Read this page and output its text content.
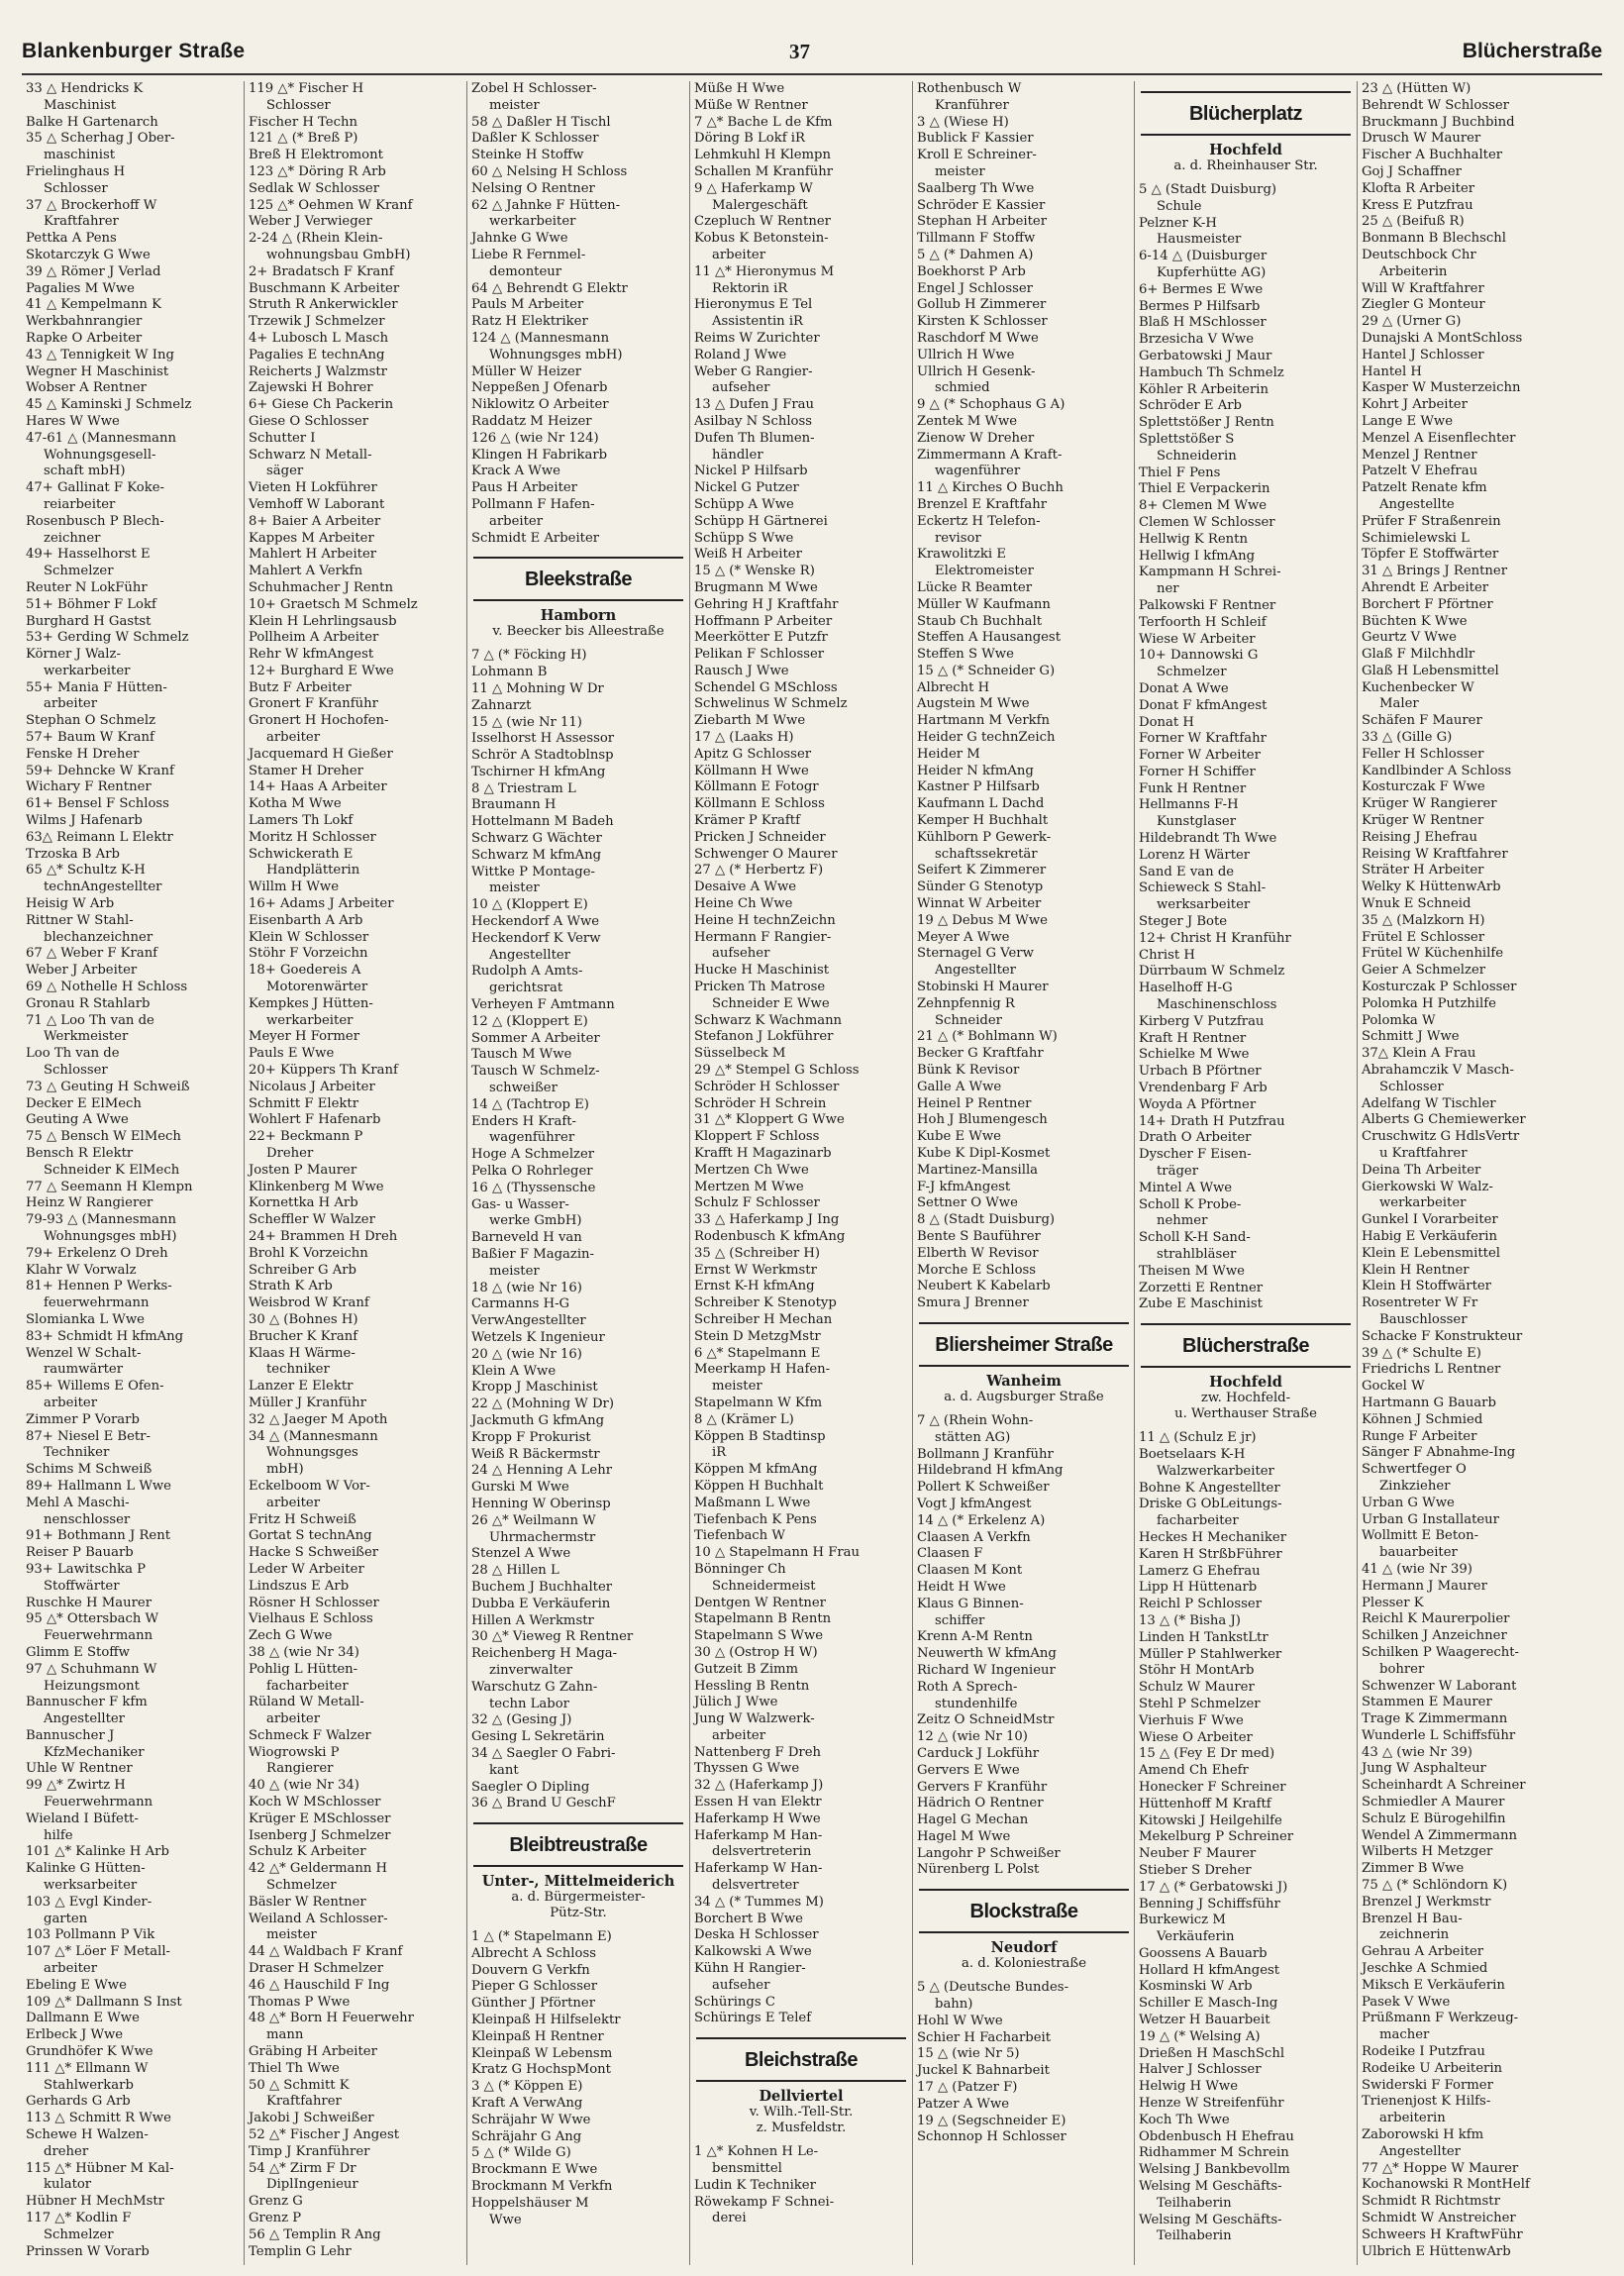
Blankenburger Straße	37	Blücherstraße
33 △ Hendricks K
Maschinist
Balke H Gartenarch
35 △ Scherhag J Ober-
maschinist
Frielinghaus H
Schlosser
37 △ Brockerhoff W
Kraftfahrer
Pettka A Pens
Skotarczyk G Wwe
39 △ Römer J Verlad
Pagalies M Wwe
41 △ Kempelmann K
Werkbahnrangier
Rapke O Arbeiter
43 △ Tennigkeit W Ing
Wegner H Maschinist
Wobser A Rentner
45 △ Kaminski J Schmelz
Hares W Wwe
47-61 △ (Mannesmann
Wohnungsgesell-
schaft mbH)
47+ Gallinat F Koke-
reiarbeiter
Rosenbusch P Blech-
zeichner
49+ Hasselhorst E
Schmelzer
Reuter N LokFühr
51+ Böhmer F Lokf
Burghard H Gastst
53+ Gerding W Schmelz
Körner J Walz-
werkarbeiter
55+ Mania F Hütten-
arbeiter
Stephan O Schmelz
57+ Baum W Kranf
Fenske H Dreher
59+ Dehncke W Kranf
Wichary F Rentner
61+ Bensel F Schloss
Wilms J Hafenarb
63△ Reimann L Elektr
Trzoska B Arb
65 △* Schultz K-H
technAngestellter
Heisig W Arb
Rittner W Stahl-
blechanzeichner
67 △ Weber F Kranf
Weber J Arbeiter
69 △ Nothelle H Schloss
Gronau R Stahlarb
71 △ Loo Th van de
Werkmeister
Loo Th van de
Schlosser
73 △ Geuting H Schweiß
Decker E ElMech
Geuting A Wwe
75 △ Bensch W ElMech
Bensch R Elektr
Schneider K ElMech
77 △ Seemann H Klempn
Heinz W Rangierer
79-93 △ (Mannesmann
Wohnungsges mbH)
79+ Erkelenz O Dreh
Klahr W Vorwalz
81+ Hennen P Werks-
feuerwehrmann
Slomianka L Wwe
83+ Schmidt H kfmAng
Wenzel W Schalt-
raumwärter
85+ Willems E Ofen-
arbeiter
Zimmer P Vorarb
87+ Niesel E Betr-
Techniker
Schims M Schweiß
89+ Hallmann L Wwe
Mehl A Maschi-
nenschlosser
91+ Bothmann J Rent
Reiser P Bauarb
93+ Lawitschka P
Stoffwärter
Ruschke H Maurer
95 △* Ottersbach W
Feuerwehrmann
Glimm E Stoffw
97 △ Schuhmann W
Heizungsmont
Bannuscher F kfm
Angestellter
Bannuscher J
KfzMechaniker
Uhle W Rentner
99 △* Zwirtz H
Feuerwehrmann
Wieland I Büfett-
hilfe
101 △* Kalinke H Arb
Kalinke G Hütten-
werksarbeiter
103 △ Evgl Kinder-
garten
103 Pollmann P Vik
107 △* Löer F Metall-
arbeiter
Ebeling E Wwe
109 △* Dallmann S Inst
Dallmann E Wwe
Erlbeck J Wwe
Grundhöfer K Wwe
111 △* Ellmann W
Stahlwerkarb
Gerhards G Arb
113 △ Schmitt R Wwe
Schewe H Walzen-
dreher
115 △* Hübner M Kal-
kulator
Hübner H MechMstr
117 △* Kodlin F
Schmelzer
Prinssen W Vorarb
119 △* Fischer H
Schlosser
Fischer H Techn
121 △ (* Breß P)
Breß H Elektromont
123 △* Döring R Arb
Sedlak W Schlosser
125 △* Oehmen W Kranf
Weber J Verwieger
2-24 △ (Rhein Klein-
wohnungsbau GmbH)
2+ Bradatsch F Kranf
Buschmann K Arbeiter
Struth R Ankerwickler
Trzewik J Schmelzer
4+ Lubosch L Masch
Pagalies E technAng
Reicherts J Walzmstr
Zajewski H Bohrer
6+ Giese Ch Packerin
Giese O Schlosser
Schutter I
Schwarz N Metall-
säger
Vieten H Lokführer
Vemhoff W Laborant
8+ Baier A Arbeiter
Kappes M Arbeiter
Mahlert H Arbeiter
Mahlert A Verkfn
Schuhmacher J Rentn
10+ Graetsch M Schmelz
Klein H Lehrlingsausb
Pollheim A Arbeiter
Rehr W kfmAngest
12+ Burghard E Wwe
Butz F Arbeiter
Gronert F Kranführ
Gronert H Hochofen-
arbeiter
Jacquemard H Gießer
Stamer H Dreher
14+ Haas A Arbeiter
Kotha M Wwe
Lamers Th Lokf
Moritz H Schlosser
Schwickerath E
Handplätterin
Willm H Wwe
16+ Adams J Arbeiter
Eisenbarth A Arb
Klein W Schlosser
Stöhr F Vorzeichn
18+ Goedereis A
Motorenwärter
Kempkes J Hütten-
werkarbeiter
Meyer H Former
Pauls E Wwe
20+ Küppers Th Kranf
Nicolaus J Arbeiter
Schmitt F Elektr
Wohlert F Hafenarb
22+ Beckmann P
Dreher
Josten P Maurer
Klinkenberg M Wwe
Kornettka H Arb
Scheffler W Walzer
24+ Brammen H Dreh
Brohl K Vorzeichn
Schreiber G Arb
Strath K Arb
Weisbrod W Kranf
30 △ (Bohnes H)
Brucher K Kranf
Klaas H Wärme-
techniker
Lanzer E Elektr
Müller J Kranführ
32 △ Jaeger M Apoth
34 △ (Mannesmann
Wohnungsges
mbH)
Eckelboom W Vor-
arbeiter
Fritz H Schweiß
Gortat S technAng
Hacke S Schweißer
Leder W Arbeiter
Lindszus E Arb
Rösner H Schlosser
Vielhaus E Schloss
Zech G Wwe
38 △ (wie Nr 34)
Pohlig L Hütten-
facharbeiter
Rüland W Metall-
arbeiter
Schmeck F Walzer
Wiogrowski P
Rangierer
40 △ (wie Nr 34)
Koch W MSchlosser
Krüger E MSchlosser
Isenberg J Schmelzer
Schulz K Arbeiter
42 △* Geldermann H
Schmelzer
Bäsler W Rentner
Weiland A Schlosser-
meister
44 △ Waldbach F Kranf
Draser H Schmelzer
46 △ Hauschild F Ing
Thomas P Wwe
48 △* Born H Feuerwehr
mann
Gräbing H Arbeiter
Thiel Th Wwe
50 △ Schmitt K
Kraftfahrer
Jakobi J Schweißer
52 △* Fischer J Angest
Timp J Kranführer
54 △* Zirm F Dr
DiplIngenieur
Grenz G
Grenz P
56 △ Templin R Ang
Templin G Lehr
Zobel H Schlosser-
meister
58 △ Daßler H Tischl
Daßler K Schlosser
Steinke H Stoffw
60 △ Nelsing H Schloss
Nelsing O Rentner
62 △ Jahnke F Hütten-
werkarbeiter
Jahnke G Wwe
Liebe R Fernmel-
demonteur
64 △ Behrendt G Elektr
Pauls M Arbeiter
Ratz H Elektriker
124 △ (Mannesmann
Wohnungsges mbH)
Müller W Heizer
Neppeßen J Ofenarb
Niklowitz O Arbeiter
Raddatz M Heizer
126 △ (wie Nr 124)
Klingen H Fabrikarb
Krack A Wwe
Paus H Arbeiter
Pollmann F Hafen-
arbeiter
Schmidt E Arbeiter
Bleekstraße
Hamborn
v. Beecker bis Alleestraße
7 △ (* Föcking H)
Lohmann B
11 △ Mohning W Dr
Zahnarzt
15 △ (wie Nr 11)
Isselhorst H Assessor
Schrör A Stadtoblnsp
Tschirner H kfmAng
8 △ Triestram L
Braumann H
Hottelmann M Badeh
Schwarz G Wächter
Schwarz M kfmAng
Wittke P Montage-
meister
10 △ (Kloppert E)
Heckendorf A Wwe
Heckendorf K Verw
Angestellter
Rudolph A Amts-
gerichtsrat
Verheyen F Amtmann
12 △ (Kloppert E)
Sommer A Arbeiter
Tausch M Wwe
Tausch W Schmelz-
schweißer
14 △ (Tachtrop E)
Enders H Kraft-
wagenführer
Hoge A Schmelzer
Pelka O Rohrleger
16 △ (Thyssensche
Gas- u Wasser-
werke GmbH)
Barneveld H van
Baßier F Magazin-
meister
18 △ (wie Nr 16)
Carmanns H-G
VerwAngestellter
Wetzels K Ingenieur
20 △ (wie Nr 16)
Klein A Wwe
Kropp J Maschinist
22 △ (Mohning W Dr)
Jackmuth G kfmAng
Kropp F Prokurist
Weiß R Bäckermstr
24 △ Henning A Lehr
Gurski M Wwe
Henning W Oberinsp
26 △* Weilmann W
Uhrmachermstr
Stenzel A Wwe
28 △ Hillen L
Buchem J Buchhalter
Dubba E Verkäuferin
Hillen A Werkmstr
30 △* Vieweg R Rentner
Reichenberg H Maga-
zinverwalter
Warschutz G Zahn-
techn Labor
32 △ (Gesing J)
Gesing L Sekretärin
34 △ Saegler O Fabri-
kant
Saegler O Dipling
36 △ Brand U GeschF
Bleibtreustraße
Unter-, Mittelmeiderich
a. d. Bürgermeister-
Pütz-Str.
1 △ (* Stapelmann E)
Albrecht A Schloss
Douvern G Verkfn
Pieper G Schlosser
Günther J Pförtner
Kleinpaß H Hilfselektr
Kleinpaß H Rentner
Kleinpaß W Lebensm
Kratz G HochspMont
3 △ (* Köppen E)
Kraft A VerwAng
Schräjahr W Wwe
Schräjahr G Ang
5 △ (* Wilde G)
Brockmann E Wwe
Brockmann M Verkfn
Hoppelshäuser M
Wwe
Müße H Wwe
Müße W Rentner
7 △* Bache L de Kfm
Döring B Lokf iR
Lehmkuhl H Klempn
Schallen M Kranführ
9 △ Haferkamp W
Malergeschäft
Czepluch W Rentner
Kobus K Betonstein-
arbeiter
11 △* Hieronymus M
Rektorin iR
Hieronymus E Tel
Assistentin iR
Reims W Zurichter
Roland J Wwe
Weber G Rangier-
aufseher
13 △ Dufen J Frau
Asilbay N Schloss
Dufen Th Blumen-
händler
Nickel P Hilfsarb
Nickel G Putzer
Schüpp A Wwe
Schüpp H Gärtnerei
Schüpp S Wwe
Weiß H Arbeiter
15 △ (* Wenske R)
Brugmann M Wwe
Gehring H J Kraftfahr
Hoffmann P Arbeiter
Meerkötter E Putzfr
Pelikan F Schlosser
Rausch J Wwe
Schendel G MSchloss
Schwelinus W Schmelz
Ziebarth M Wwe
17 △ (Laaks H)
Apitz G Schlosser
Köllmann H Wwe
Köllmann E Fotogr
Köllmann E Schloss
Krämer P Kraftf
Pricken J Schneider
Schwenger O Maurer
27 △ (* Herbertz F)
Desaive A Wwe
Heine Ch Wwe
Heine H technZeichn
Hermann F Rangier-
aufseher
Hucke H Maschinist
Pricken Th Matrose
Schneider E Wwe
Schwarz K Wachmann
Stefanon J Lokführer
Süsselbeck M
29 △* Stempel G Schloss
Schröder H Schlosser
Schröder H Schrein
31 △* Kloppert G Wwe
Kloppert F Schloss
Krafft H Magazinarb
Mertzen Ch Wwe
Mertzen M Wwe
Schulz F Schlosser
33 △ Haferkamp J Ing
Rodenbusch K kfmAng
35 △ (Schreiber H)
Ernst W Werkmstr
Ernst K-H kfmAng
Schreiber K Stenotyp
Schreiber H Mechan
Stein D MetzgMstr
6 △* Stapelmann E
Meerkamp H Hafen-
meister
Stapelmann W Kfm
8 △ (Krämer L)
Köppen B Stadtinsp
iR
Köppen M kfmAng
Köppen H Buchhalt
Maßmann L Wwe
Tiefenbach K Pens
Tiefenbach W
10 △ Stapelmann H Frau
Bönninger Ch
Schneidermeist
Dentgen W Rentner
Stapelmann B Rentn
Stapelmann S Wwe
30 △ (Ostrop H W)
Gutzeit B Zimm
Hessling B Rentn
Jülich J Wwe
Jung W Walzwerk-
arbeiter
Nattenberg F Dreh
Thyssen G Wwe
32 △ (Haferkamp J)
Essen H van Elektr
Haferkamp H Wwe
Haferkamp M Han-
delsvertreterin
Haferkamp W Han-
delsvertreter
34 △ (* Tummes M)
Borchert B Wwe
Deska H Schlosser
Kalkowski A Wwe
Kühn H Rangier-
aufseher
Schürings C
Schürings E Telef
Bleichstraße
Dellviertel
v. Wilh.-Tell-Str.
z. Musfeldstr.
1 △* Kohnen H Le-
bensmittel
Ludin K Techniker
Röwekamp F Schnei-
derei
Rothenbusch W
Kranführer
3 △ (Wiese H)
Bublick F Kassier
Kroll E Schreiner-
meister
Saalberg Th Wwe
Schröder E Kassier
Stephan H Arbeiter
Tillmann F Stoffw
5 △ (* Dahmen A)
Boekhorst P Arb
Engel J Schlosser
Gollub H Zimmerer
Kirsten K Schlosser
Raschdorf M Wwe
Ullrich H Wwe
Ullrich H Gesenk-
schmied
9 △ (* Schophaus G A)
Zentek M Wwe
Zienow W Dreher
Zimmermann A Kraft-
wagenführer
11 △ Kirches O Buchh
Brenzel E Kraftfahr
Eckertz H Telefon-
revisor
Krawolitzki E
Elektromeister
Lücke R Beamter
Müller W Kaufmann
Staub Ch Buchhalt
Steffen A Hausangest
Steffen S Wwe
15 △ (* Schneider G)
Albrecht H
Augstein M Wwe
Hartmann M Verkfn
Heider G technZeich
Heider M
Heider N kfmAng
Kastner P Hilfsarb
Kaufmann L Dachd
Kemper H Buchhalt
Kühlborn P Gewerk-
schaftssekretär
Seifert K Zimmerer
Sünder G Stenotyp
Winnat W Arbeiter
19 △ Debus M Wwe
Meyer A Wwe
Sternagel G Verw
Angestellter
Stobinski H Maurer
Zehnpfennig R
Schneider
21 △ (* Bohlmann W)
Becker G Kraftfahr
Bünk K Revisor
Galle A Wwe
Heinel P Rentner
Hoh J Blumengesch
Kube E Wwe
Kube K Dipl-Kosmet
Martinez-Mansilla
F-J kfmAngest
Settner O Wwe
8 △ (Stadt Duisburg)
Bente S Bauführer
Elberth W Revisor
Morche E Schloss
Neubert K Kabelarb
Smura J Brenner
Bliersheimer Straße
Wanheim
a. d. Augsburger Straße
7 △ (Rhein Wohn-
stätten AG)
Bollmann J Kranführ
Hildebrand H kfmAng
Pollert K Schweißer
Vogt J kfmAngest
14 △ (* Erkelenz A)
Claasen A Verkfn
Claasen F
Claasen M Kont
Heidt H Wwe
Klaus G Binnen-
schiffer
Krenn A-M Rentn
Neuwerth W kfmAng
Richard W Ingenieur
Roth A Sprech-
stundenhilfe
Zeitz O SchneidMstr
12 △ (wie Nr 10)
Carduck J Lokführ
Gervers E Wwe
Gervers F Kranführ
Hädrich O Rentner
Hagel G Mechan
Hagel M Wwe
Langohr P Schweißer
Nürenberg L Polst
Blockstraße
Neudorf
a. d. Koloniestraße
5 △ (Deutsche Bundes-
bahn)
Hohl W Wwe
Schier H Facharbeit
15 △ (wie Nr 5)
Juckel K Bahnarbeit
17 △ (Patzer F)
Patzer A Wwe
19 △ (Segschneider E)
Schonnop H Schlosser
Blücherplatz
Hochfeld
a. d. Rheinhauser Str.
5 △ (Stadt Duisburg)
Schule
Pelzner K-H
Hausmeister
6-14 △ (Duisburger
Kupferhütte AG)
6+ Bermes E Wwe
Bermes P Hilfsarb
Blaß H MSchlosser
Brzesicha V Wwe
Gerbatowski J Maur
Hambuch Th Schmelz
Köhler R Arbeiterin
Schröder E Arb
Splettstößer J Rentn
Splettstößer S
Schneiderin
Thiel F Pens
Thiel E Verpackerin
8+ Clemen M Wwe
Clemen W Schlosser
Hellwig K Rentn
Hellwig I kfmAng
Kampmann H Schrei-
ner
Palkowski F Rentner
Terfoorth H Schleif
Wiese W Arbeiter
10+ Dannowski G
Schmelzer
Donat A Wwe
Donat F kfmAngest
Donat H
Forner W Kraftfahr
Forner W Arbeiter
Forner H Schiffer
Funk H Rentner
Hellmanns F-H
Kunstglaser
Hildebrandt Th Wwe
Lorenz H Wärter
Sand E van de
Schieweck S Stahl-
werksarbeiter
Steger J Bote
12+ Christ H Kranführ
Christ H
Dürrbaum W Schmelz
Haselhoff H-G
Maschinenschloss
Kirberg V Putzfrau
Kraft H Rentner
Schielke M Wwe
Urbach B Pförtner
Vrendenbarg F Arb
Woyda A Pförtner
14+ Drath H Putzfrau
Drath O Arbeiter
Dyscher F Eisen-
träger
Mintel A Wwe
Scholl K Probe-
nehmer
Scholl K-H Sand-
strahlbläser
Theisen M Wwe
Zorzetti E Rentner
Zube E Maschinist
Blücherstraße
Hochfeld
zw. Hochfeld-
u. Werthauser Straße
11 △ (Schulz E jr)
Boetselaars K-H
Walzwerkarbeiter
Bohne K Angestellter
Driske G ObLeitungs-
facharbeiter
Heckes H Mechaniker
Karen H StrßbFührer
Lamerz G Ehefrau
Lipp H Hüttenarb
Reichl P Schlosser
13 △ (* Bisha J)
Linden H TankstLtr
Müller P Stahlwerker
Stöhr H MontArb
Schulz W Maurer
Stehl P Schmelzer
Vierhuis F Wwe
Wiese O Arbeiter
15 △ (Fey E Dr med)
Amend Ch Ehefr
Honecker F Schreiner
Hüttenhoff M Kraftf
Kitowski J Heilgehilfe
Mekelburg P Schreiner
Neuber F Maurer
Stieber S Dreher
17 △ (* Gerbatowski J)
Benning J Schiffsführ
Burkewicz M
Verkäuferin
Goossens A Bauarb
Hollard H kfmAngest
Kosminski W Arb
Schiller E Masch-Ing
Wetzer H Bauarbeit
19 △ (* Welsing A)
Drießen H MaschSchl
Halver J Schlosser
Helwig H Wwe
Henze W Streifenführ
Koch Th Wwe
Obdenbusch H Ehefrau
Ridhammer M Schrein
Welsing J Bankbevollm
Welsing M Geschäfts-
Teilhaberin
Welsing M Geschäfts-
Teilhaberin
23 △ (Hütten W)
Behrendt W Schlosser
Bruckmann J Buchbind
Drusch W Maurer
Fischer A Buchhalter
Goj J Schaffner
Klofta R Arbeiter
Kress E Putzfrau
25 △ (Beifuß R)
Bonmann B Blechschl
Deutschbock Chr
Arbeiterin
Will W Kraftfahrer
Ziegler G Monteur
29 △ (Urner G)
Dunajski A MontSchloss
Hantel J Schlosser
Hantel H
Kasper W Musterzeichn
Kohrt J Arbeiter
Lange E Wwe
Menzel A Eisenflechter
Menzel J Rentner
Patzelt V Ehefrau
Patzelt Renate kfm
Angestellte
Prüfer F Straßenrein
Schimielewski L
Töpfer E Stoffwärter
31 △ Brings J Rentner
Ahrendt E Arbeiter
Borchert F Pförtner
Büchten K Wwe
Geurtz V Wwe
Glaß F Milchhdlr
Glaß H Lebensmittel
Kuchenbecker W
Maler
Schäfen F Maurer
33 △ (Gille G)
Feller H Schlosser
Kandlbinder A Schloss
Kosturczak F Wwe
Krüger W Rangierer
Krüger W Rentner
Reising J Ehefrau
Reising W Kraftfahrer
Sträter H Arbeiter
Welky K HüttenwArb
Wnuk E Schneid
35 △ (Malzkorn H)
Frütel E Schlosser
Frütel W Küchenhilfe
Geier A Schmelzer
Kosturczak P Schlosser
Polomka H Putzhilfe
Polomka W
Schmitt J Wwe
37△ Klein A Frau
Abrahamczik V Masch-
Schlosser
Adelfang W Tischler
Alberts G Chemiewerker
Cruschwitz G HdlsVertr
u Kraftfahrer
Deina Th Arbeiter
Gierkowski W Walz-
werkarbeiter
Gunkel I Vorarbeiter
Habig E Verkäuferin
Klein E Lebensmittel
Klein H Rentner
Klein H Stoffwärter
Rosentreter W Fr
Bauschlosser
Schacke F Konstrukteur
39 △ (* Schulte E)
Friedrichs L Rentner
Gockel W
Hartmann G Bauarb
Köhnen J Schmied
Runge F Arbeiter
Sänger F Abnahme-Ing
Schwertfeger O
Zinkzieher
Urban G Wwe
Urban G Installateur
Wollmitt E Beton-
bauarbeiter
41 △ (wie Nr 39)
Hermann J Maurer
Plesser K
Reichl K Maurerpolier
Schilken J Anzeichner
Schilken P Waagerecht-
bohrer
Schwenzer W Laborant
Stammen E Maurer
Trage K Zimmermann
Wunderle L Schiffsführ
43 △ (wie Nr 39)
Jung W Asphalteur
Scheinhardt A Schreiner
Schmiedler A Maurer
Schulz E Bürogehilfin
Wendel A Zimmermann
Wilberts H Metzger
Zimmer B Wwe
75 △ (* Schlöndorn K)
Brenzel J Werkmstr
Brenzel H Bau-
zeichnerin
Gehrau A Arbeiter
Jeschke A Schmied
Miksch E Verkäuferin
Pasek V Wwe
Prüßmann F Werkzeug-
macher
Rodeike I Putzfrau
Rodeike U Arbeiterin
Swiderski F Former
Trienenjost K Hilfs-
arbeiterin
Zaborowski H kfm
Angestellter
77 △* Hoppe W Maurer
Kochanowski R MontHelf
Schmidt R Richtmstr
Schmidt W Anstreicher
Schweers H KraftwFühr
Ulbrich E HüttenwArb
